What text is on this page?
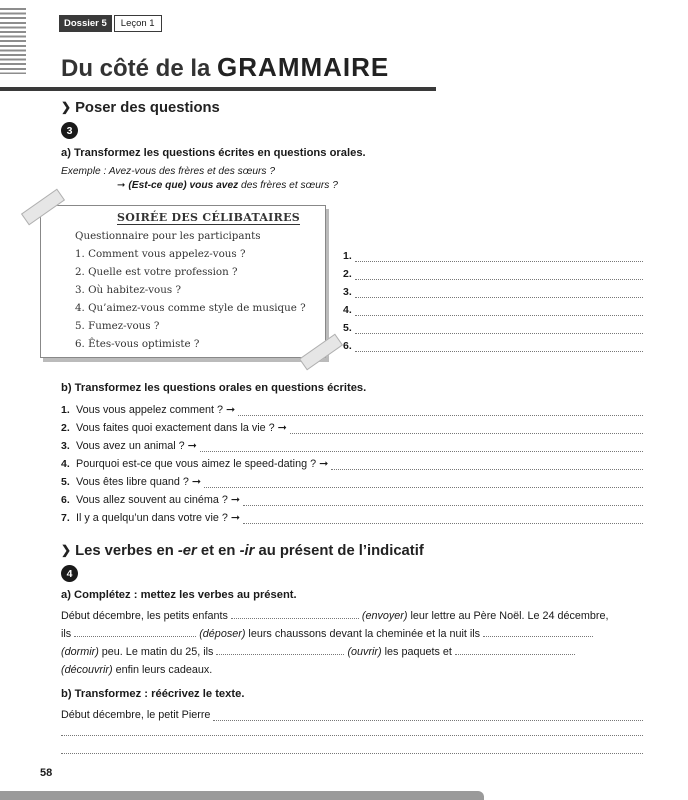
Dossier 5	Leçon 1
Du côté de la GRAMMAIRE
❯ Poser des questions
3
a) Transformez les questions écrites en questions orales.
Exemple : Avez-vous des frères et des sœurs ?
➞ (Est-ce que) vous avez des frères et sœurs ?
SOIRÉE DES CÉLIBATAIRES
Questionnaire pour les participants
1. Comment vous appelez-vous ?
2. Quelle est votre profession ?
3. Où habitez-vous ?
4. Qu’aimez-vous comme style de musique ?
5. Fumez-vous ?
6. Êtes-vous optimiste ?
1.
2.
3.
4.
5.
6.
b) Transformez les questions orales en questions écrites.
1. Vous vous appelez comment ? ➞
2. Vous faites quoi exactement dans la vie ? ➞
3. Vous avez un animal ? ➞
4. Pourquoi est-ce que vous aimez le speed-dating ? ➞
5. Vous êtes libre quand ? ➞
6. Vous allez souvent au cinéma ? ➞
7. Il y a quelqu’un dans votre vie ? ➞
❯ Les verbes en -er et en -ir au présent de l’indicatif
4
a) Complétez : mettez les verbes au présent.
Début décembre, les petits enfants	(envoyer) leur lettre au Père Noël. Le 24 décembre,
ils	(déposer) leurs chaussons devant la cheminée et la nuit ils
(dormir) peu. Le matin du 25, ils	(ouvrir) les paquets et
(découvrir) enfin leurs cadeaux.
b) Transformez : réécrivez le texte.
Début décembre, le petit Pierre
58
